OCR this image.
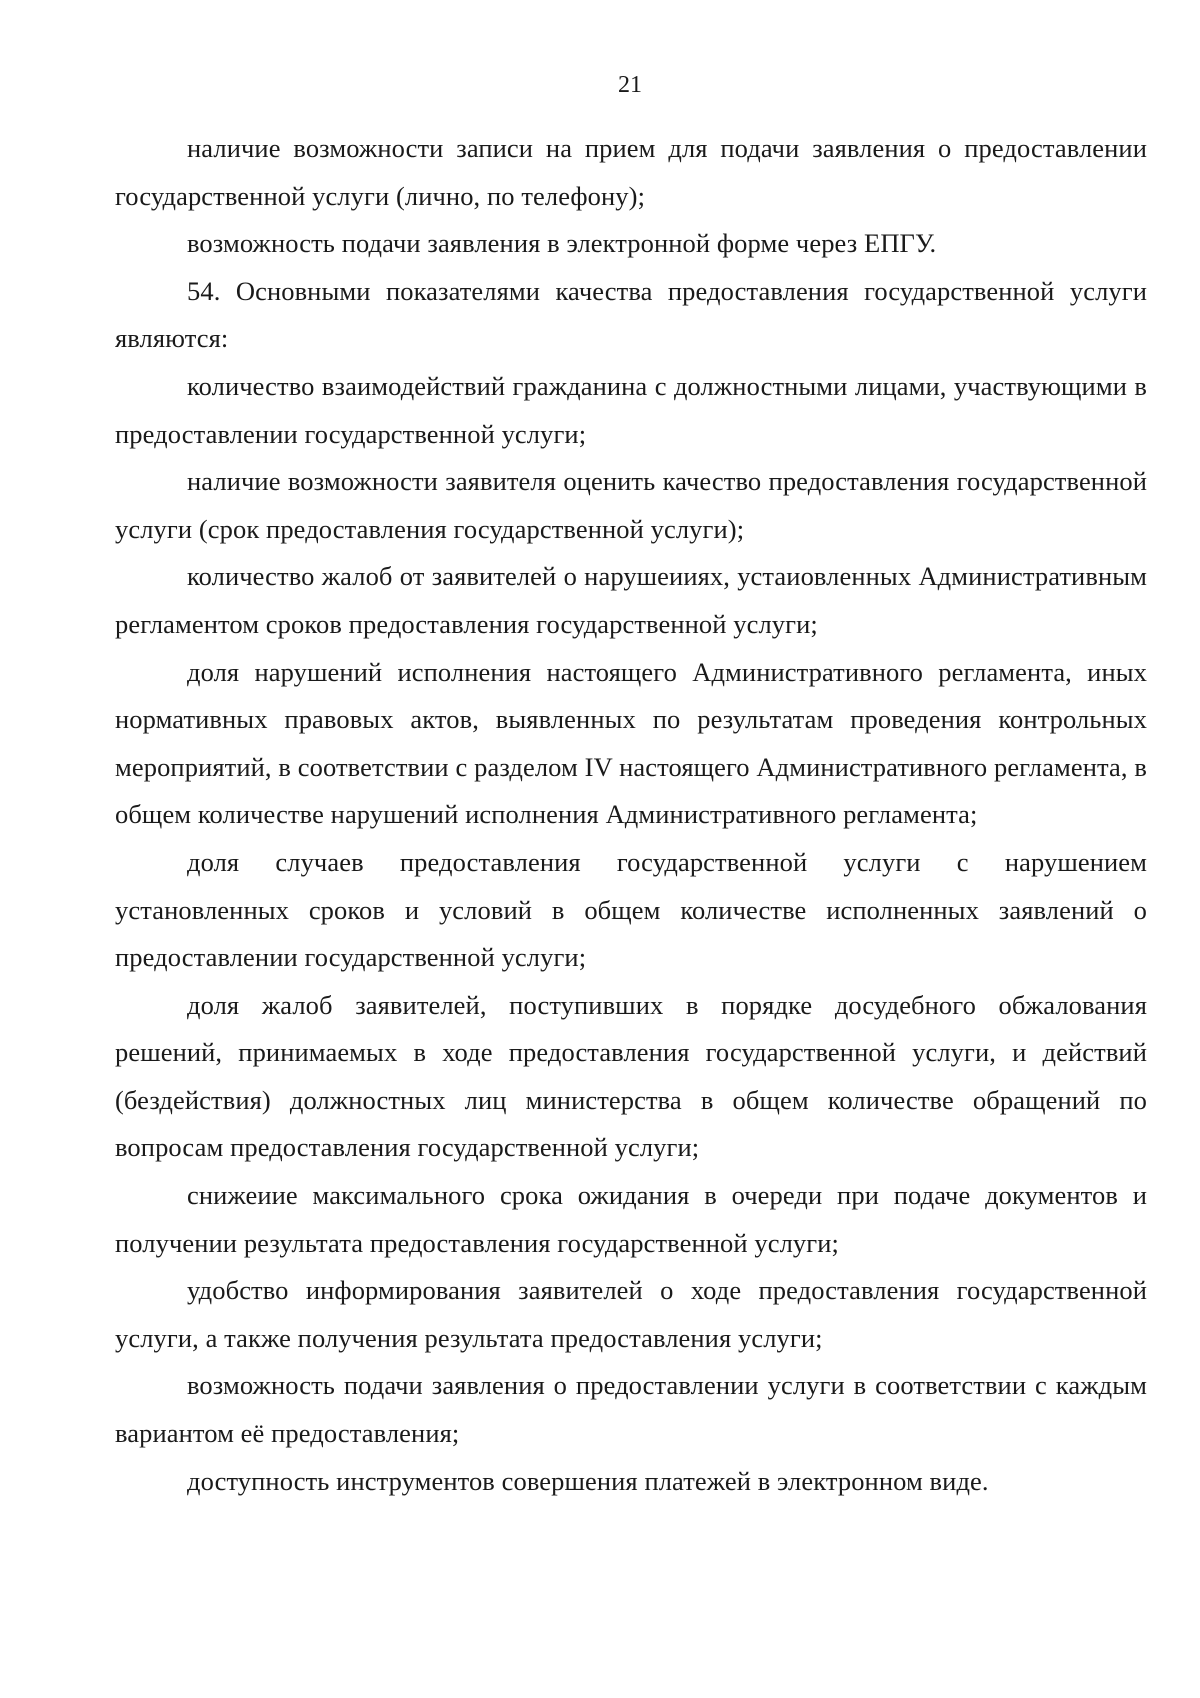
21

наличие возможности записи на прием для подачи заявления о предоставлении государственной услуги (лично, по телефону);

возможность подачи заявления в электронной форме через ЕПГУ.

54. Основными показателями качества предоставления государственной услуги являются:

количество взаимодействий гражданина с должностными лицами, участвующими в предоставлении государственной услуги;

наличие возможности заявителя оценить качество предоставления государственной услуги (срок предоставления государственной услуги);

количество жалоб от заявителей о нарушеииях, устаиовленных Административным регламентом сроков предоставления государственной услуги;

доля нарушений исполнения настоящего Административного регламента, иных нормативных правовых актов, выявленных по результатам проведения контрольных мероприятий, в соответствии с разделом IV настоящего Административного регламента, в общем количестве нарушений исполнения Административного регламента;

доля случаев предоставления государственной услуги с нарушением установленных сроков и условий в общем количестве исполненных заявлений о предоставлении государственной услуги;

доля жалоб заявителей, поступивших в порядке досудебного обжалования решений, принимаемых в ходе предоставления государственной услуги, и действий (бездействия) должностных лиц министерства в общем количестве обращений по вопросам предоставления государственной услуги;

снижеиие максимального срока ожидания в очереди при подаче документов и получении результата предоставления государственной услуги;

удобство информирования заявителей о ходе предоставления государственной услуги, а также получения результата предоставления услуги;

возможность подачи заявления о предоставлении услуги в соответствии с каждым вариантом её предоставления;

доступность инструментов совершения платежей в электронном виде.
